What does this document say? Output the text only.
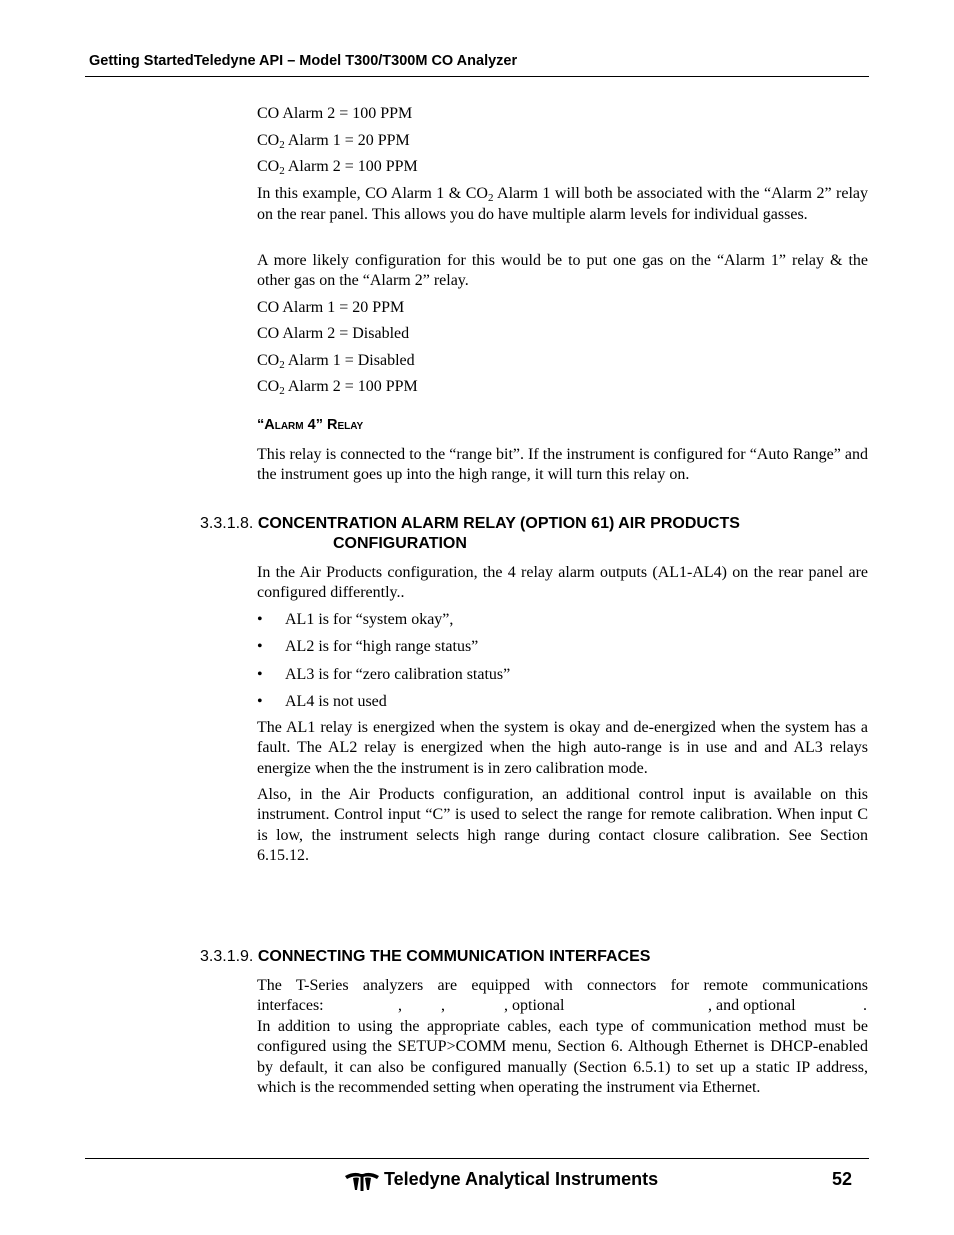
Getting StartedTeledyne API – Model T300/T300M CO Analyzer
CO Alarm 2 = 100 PPM
CO2 Alarm 1 = 20 PPM
CO2 Alarm 2 = 100 PPM
In this example, CO Alarm 1 & CO2 Alarm 1 will both be associated with the “Alarm 2” relay on the rear panel. This allows you do have multiple alarm levels for individual gasses.
A more likely configuration for this would be to put one gas on the “Alarm 1” relay & the other gas on the “Alarm 2” relay.
CO Alarm 1 = 20 PPM
CO Alarm 2 = Disabled
CO2 Alarm 1 = Disabled
CO2 Alarm 2 = 100 PPM
“Alarm 4” Relay
This relay is connected to the “range bit”. If the instrument is configured for “Auto Range” and the instrument goes up into the high range, it will turn this relay on.
3.3.1.8. CONCENTRATION ALARM RELAY (OPTION 61) AIR PRODUCTS
CONFIGURATION
In the Air Products configuration, the 4 relay alarm outputs (AL1-AL4) on the rear panel are configured differently..
• AL1 is for “system okay”,
• AL2 is for “high range status”
• AL3 is for “zero calibration status”
• AL4 is not used
The AL1 relay is energized when the system is okay and de-energized when the system has a fault. The AL2 relay is energized when the high auto-range is in use and and AL3 relays energize when the the instrument is in zero calibration mode.
Also, in the Air Products configuration, an additional control input is available on this instrument. Control input “C” is used to select the range for remote calibration. When input C is low, the instrument selects high range during contact closure calibration. See Section 6.15.12.
3.3.1.9. CONNECTING THE COMMUNICATION INTERFACES
The T-Series analyzers are equipped with connectors for remote communications
interfaces:	, ,	, optional	, and optional	.
In addition to using the appropriate cables, each type of communication method must be configured using the SETUP>COMM menu, Section 6. Although Ethernet is DHCP-enabled by default, it can also be configured manually (Section 6.5.1) to set up a static IP address, which is the recommended setting when operating the instrument via Ethernet.
Teledyne Analytical Instruments	52
